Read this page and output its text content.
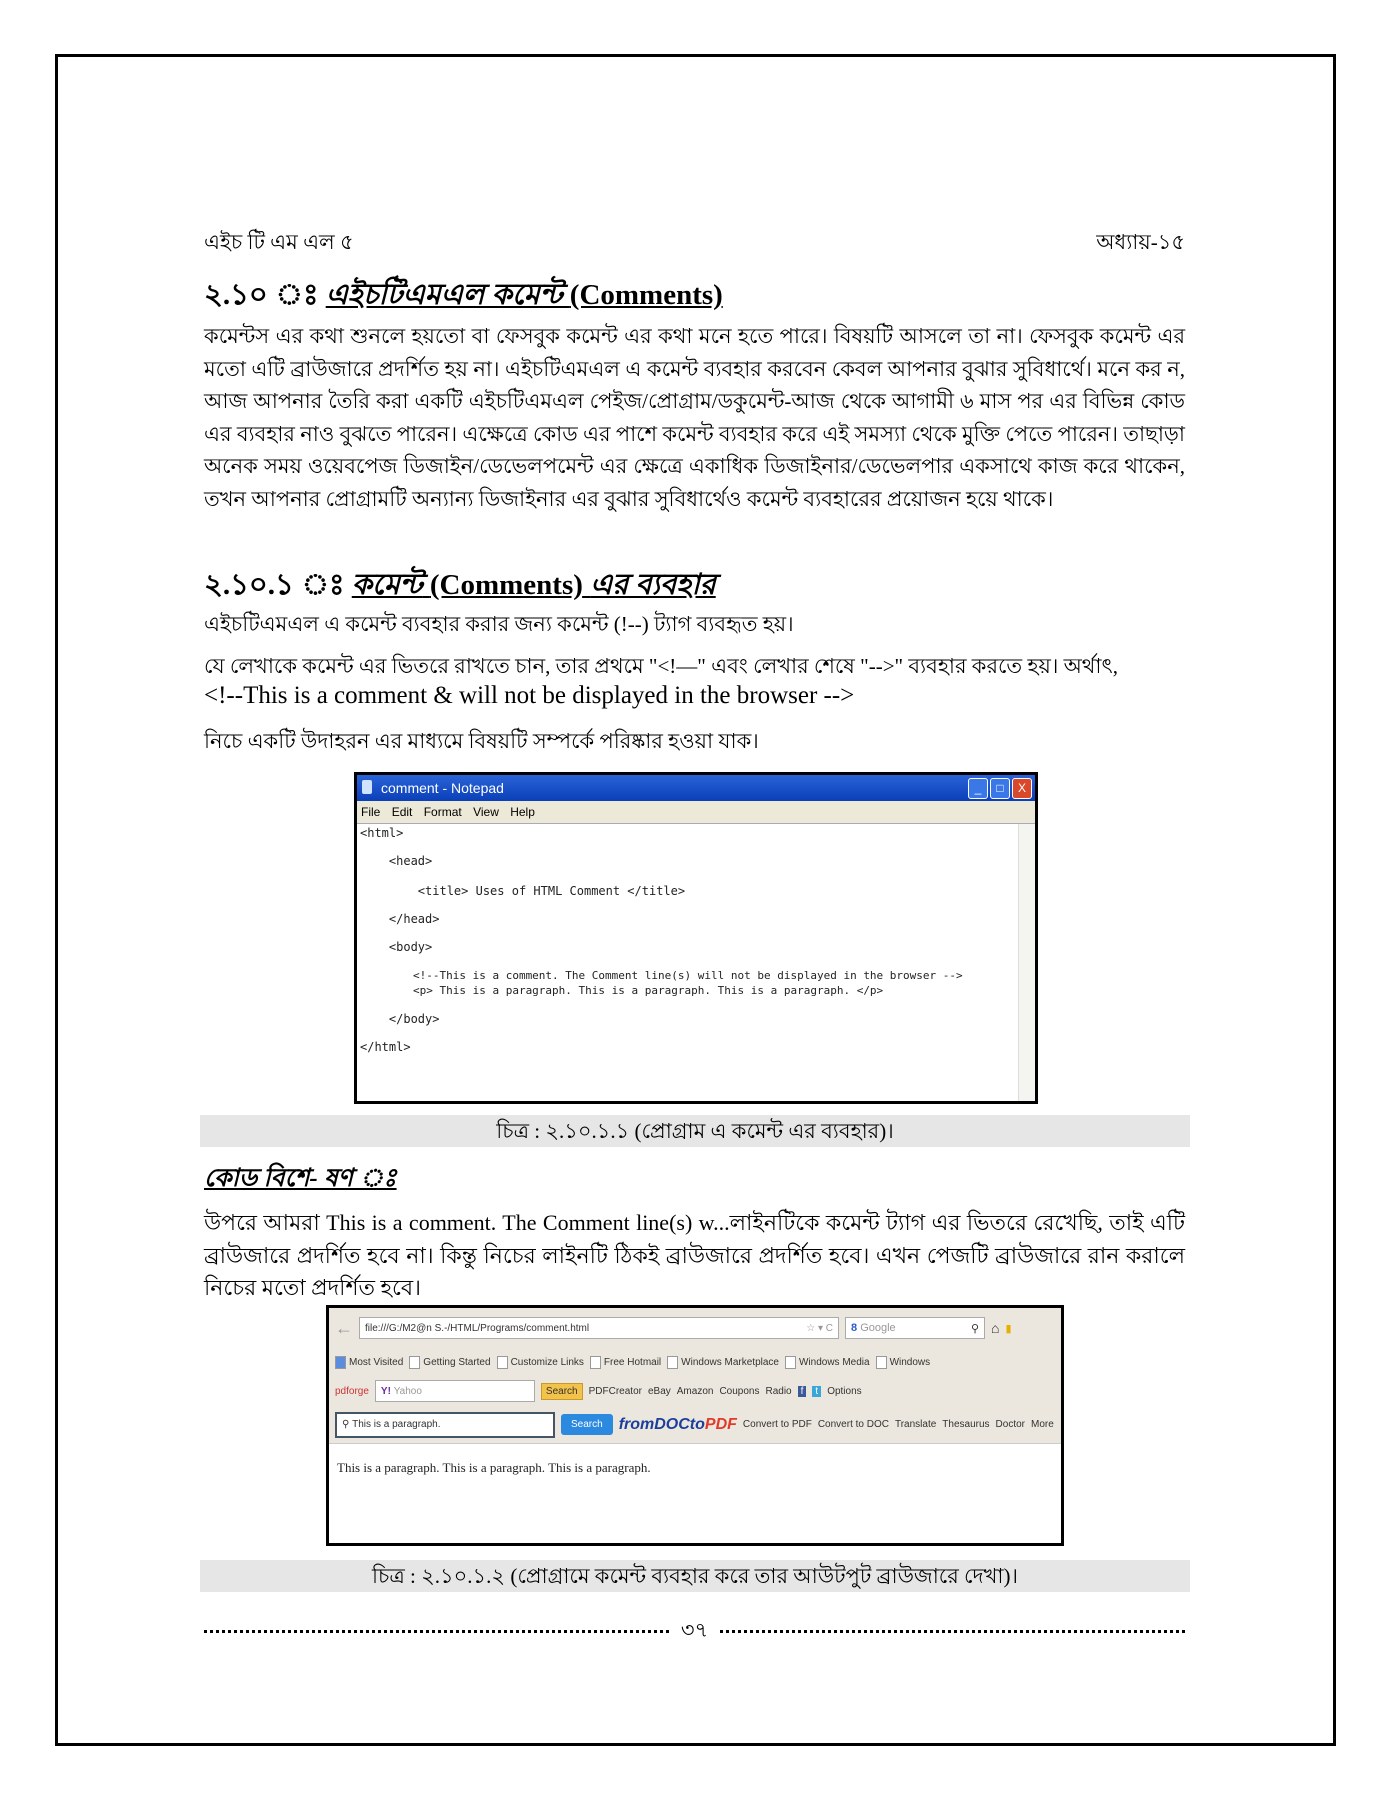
এইচ টি এম এল ৫	অধ্যায়-১৫
২.১০ ঃ এইচটিএমএল কমেন্ট (Comments)
কমেন্টস এর কথা শুনলে হয়তো বা ফেসবুক কমেন্ট এর কথা মনে হতে পারে। বিষয়টি আসলে তা না। ফেসবুক কমেন্ট এর মতো এটি ব্রাউজারে প্রদর্শিত হয় না। এইচটিএমএল এ কমেন্ট ব্যবহার করবেন কেবল আপনার বুঝার সুবিধার্থে। মনে কর ন, আজ আপনার তৈরি করা একটি এইচটিএমএল পেইজ/প্রোগ্রাম/ডকুমেন্ট-আজ থেকে আগামী ৬ মাস পর এর বিভিন্ন কোড এর ব্যবহার নাও বুঝতে পারেন। এক্ষেত্রে কোড এর পাশে কমেন্ট ব্যবহার করে এই সমস্যা থেকে মুক্তি পেতে পারেন। তাছাড়া অনেক সময় ওয়েবপেজ ডিজাইন/ডেভেলপমেন্ট এর ক্ষেত্রে একাধিক ডিজাইনার/ডেভেলপার একসাথে কাজ করে থাকেন, তখন আপনার প্রোগ্রামটি অন্যান্য ডিজাইনার এর বুঝার সুবিধার্থেও কমেন্ট ব্যবহারের প্রয়োজন হয়ে থাকে।
২.১০.১ ঃ কমেন্ট (Comments) এর ব্যবহার
এইচটিএমএল এ কমেন্ট ব্যবহার করার জন্য কমেন্ট (!--) ট্যাগ ব্যবহৃত হয়।
যে লেখাকে কমেন্ট এর ভিতরে রাখতে চান, তার প্রথমে "<!—" এবং লেখার শেষে "-->" ব্যবহার করতে হয়। অর্থাৎ,
<!--This is a comment & will not be displayed in the browser -->
নিচে একটি উদাহরন এর মাধ্যমে বিষয়টি সম্পর্কে পরিষ্কার হওয়া যাক।
comment - Notepad	_	□	X
File Edit Format View Help
<html>
<head>
<title> Uses of HTML Comment </title>
</head>
<body>
<!--This is a comment. The Comment line(s) will not be displayed in the browser -->
<p> This is a paragraph. This is a paragraph. This is a paragraph. </p>
</body>
</html>
চিত্র : ২.১০.১.১ (প্রোগ্রাম এ কমেন্ট এর ব্যবহার)।
কোড বিশে- ষণ ঃ
উপরে আমরা This is a comment. The Comment line(s) w...লাইনটিকে কমেন্ট ট্যাগ এর ভিতরে রেখেছি, তাই এটি ব্রাউজারে প্রদর্শিত হবে না। কিন্তু নিচের লাইনটি ঠিকই ব্রাউজারে প্রদর্শিত হবে। এখন পেজটি ব্রাউজারে রান করালে নিচের মতো প্রদর্শিত হবে।
← file:///G:/M2@n S.-/HTML/Programs/comment.html	☆ ▾ C 8
Google	⚲ ⌂ ▮
Most Visited	Getting Started	Customize Links	Free Hotmail	Windows Marketplace	Windows Media	Windows
pdforge Y!
Yahoo	Search	PDFCreator eBay Amazon Coupons Radio f	t Options
⚲
This is a paragraph.	Search	fromDOCtoPDF Convert to PDF Convert to DOC Translate Thesaurus Doctor More
This is a paragraph. This is a paragraph. This is a paragraph.
চিত্র : ২.১০.১.২ (প্রোগ্রামে কমেন্ট ব্যবহার করে তার আউটপুট ব্রাউজারে দেখা)।
৩৭
